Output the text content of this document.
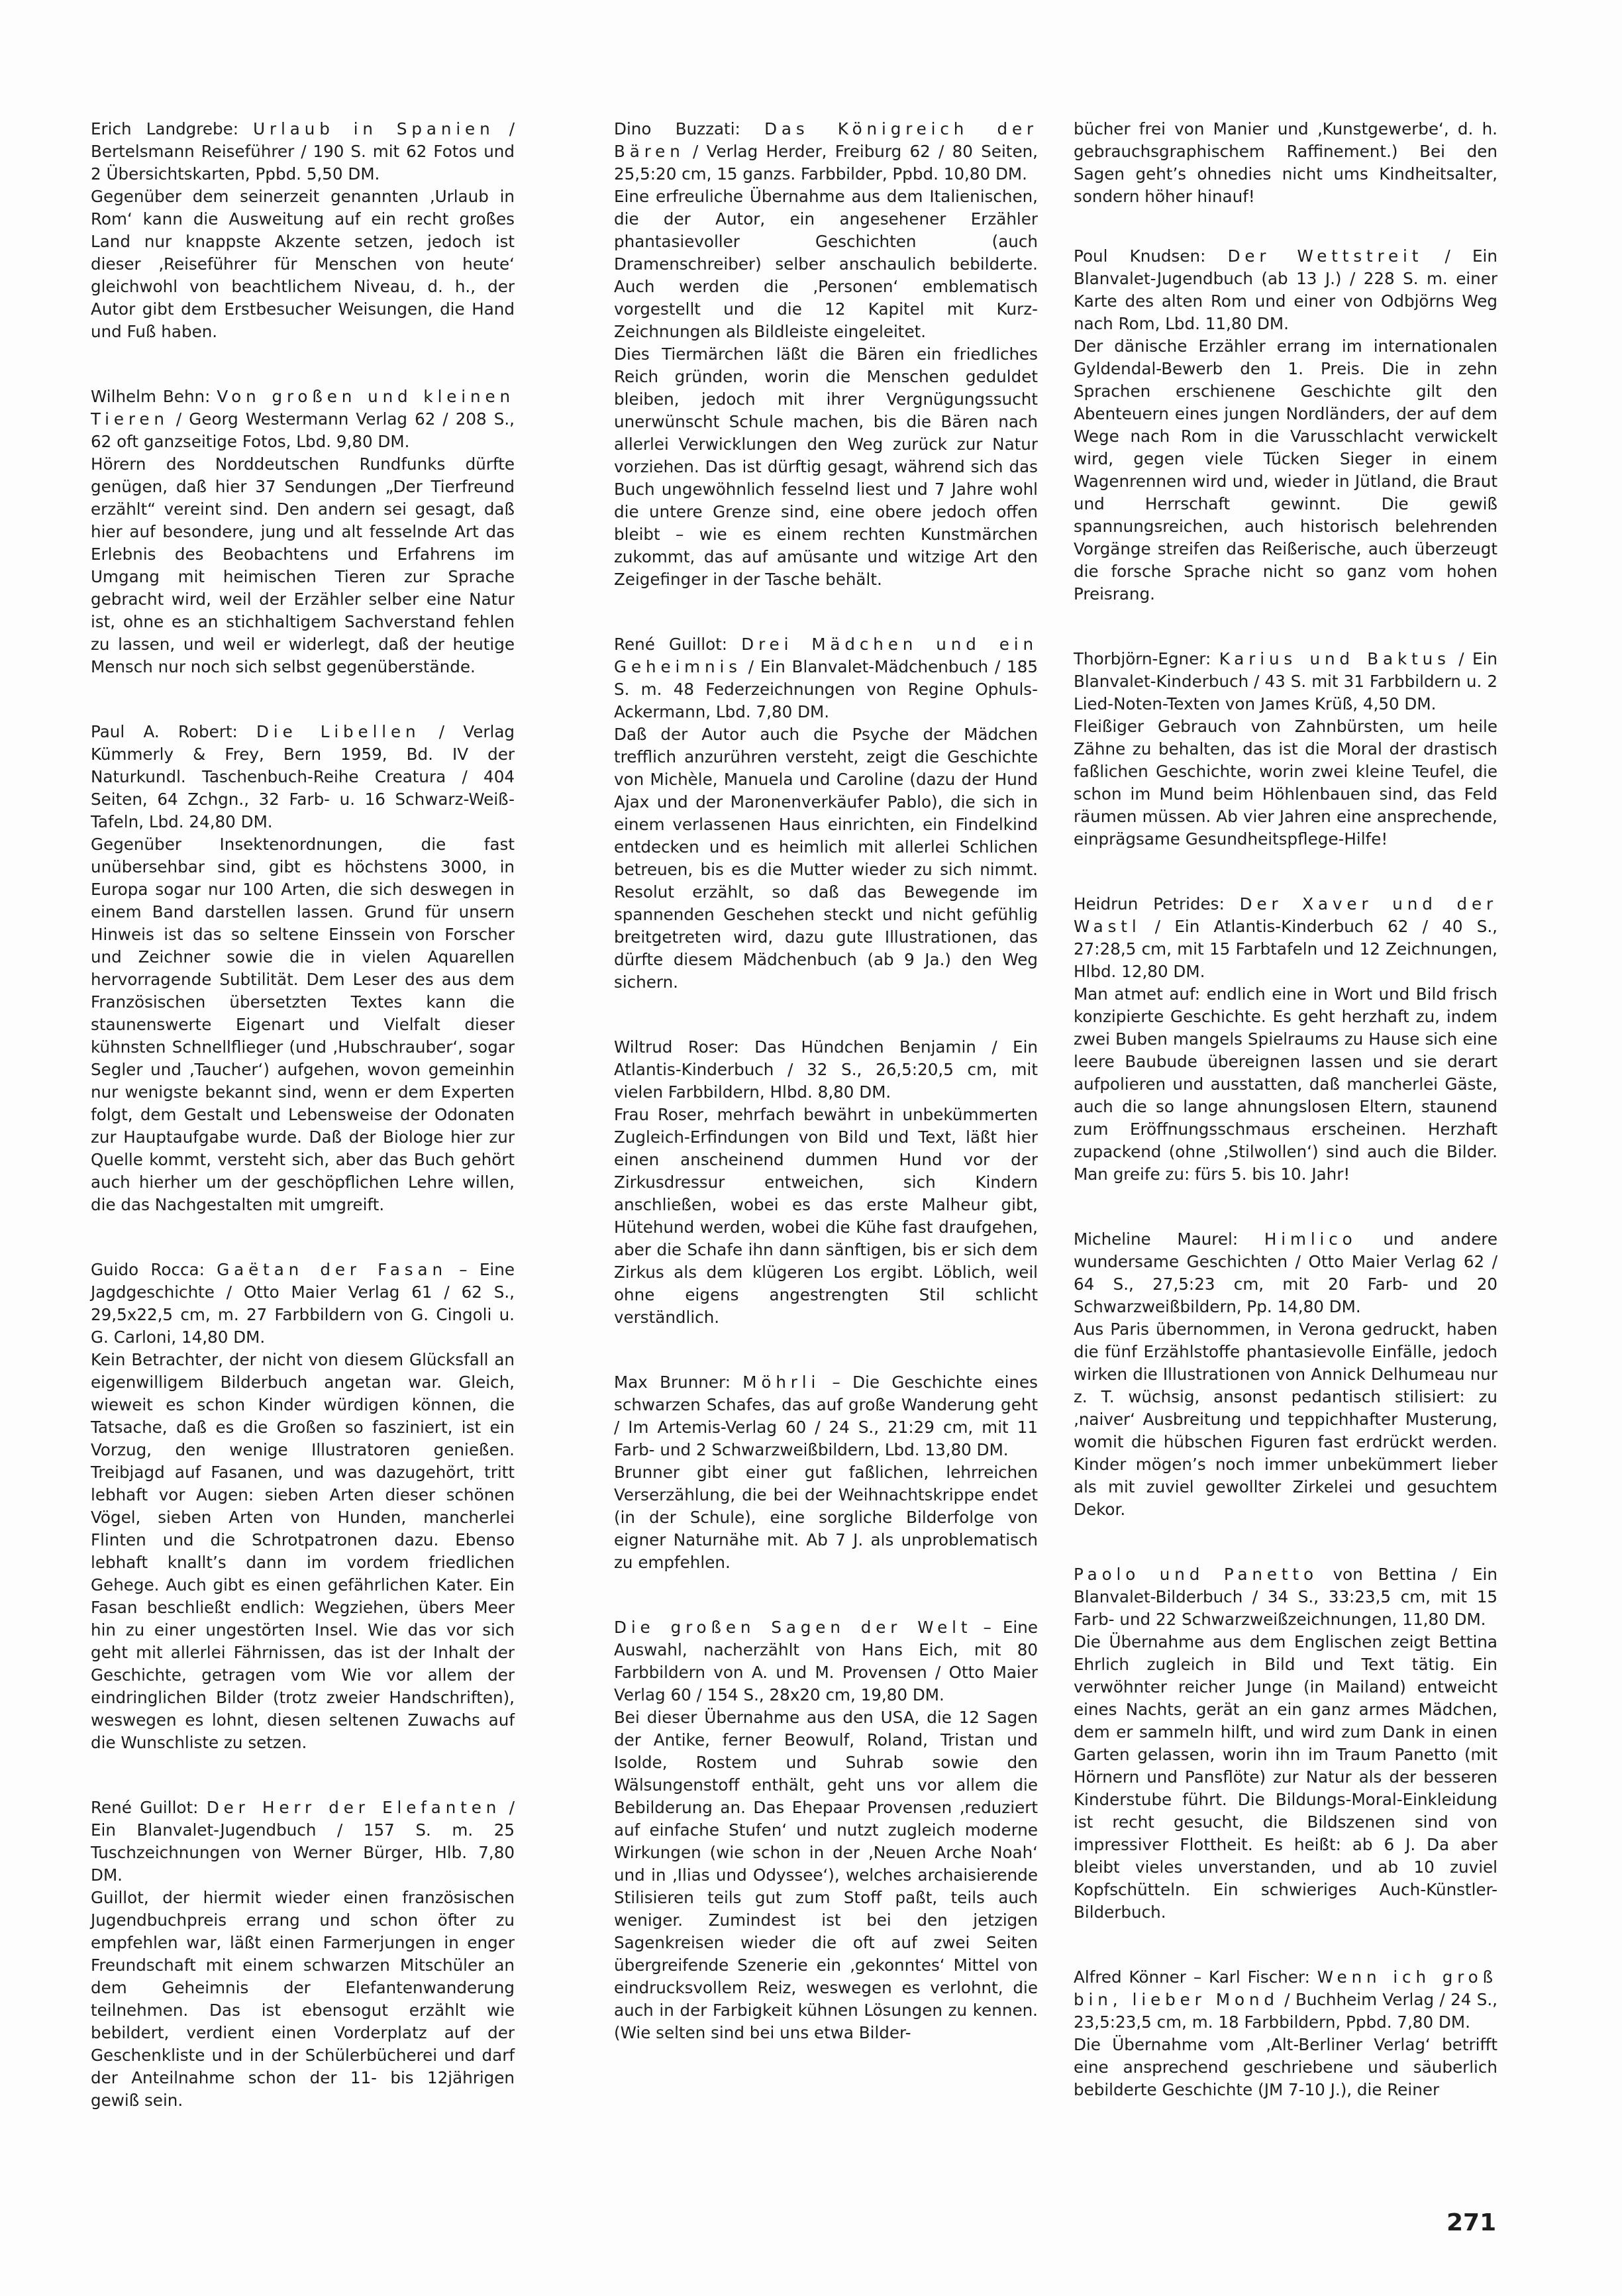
Erich Landgrebe: Urlaub in Spanien / Bertelsmann Reiseführer / 190 S. mit 62 Fotos und 2 Übersichtskarten, Ppbd. 5,50 DM.

Gegenüber dem seinerzeit genannten ‚Urlaub in Rom‘ kann die Ausweitung auf ein recht großes Land nur knappste Akzente setzen, jedoch ist dieser ‚Reiseführer für Menschen von heute‘ gleichwohl von beachtlichem Niveau, d. h., der Autor gibt dem Erstbesucher Weisungen, die Hand und Fuß haben.

Wilhelm Behn: Von großen und kleinen Tieren / Georg Westermann Verlag 62 / 208 S., 62 oft ganzseitige Fotos, Lbd. 9,80 DM.

Hörern des Norddeutschen Rundfunks dürfte genügen, daß hier 37 Sendungen „Der Tierfreund erzählt“ vereint sind. Den andern sei gesagt, daß hier auf besondere, jung und alt fesselnde Art das Erlebnis des Beobachtens und Erfahrens im Umgang mit heimischen Tieren zur Sprache gebracht wird, weil der Erzähler selber eine Natur ist, ohne es an stichhaltigem Sachverstand fehlen zu lassen, und weil er widerlegt, daß der heutige Mensch nur noch sich selbst gegenüberstände.

Paul A. Robert: Die Libellen / Verlag Kümmerly & Frey, Bern 1959, Bd. IV der Naturkundl. Taschenbuch-Reihe Creatura / 404 Seiten, 64 Zchgn., 32 Farb- u. 16 Schwarz-Weiß-Tafeln, Lbd. 24,80 DM.

Gegenüber Insektenordnungen, die fast unübersehbar sind, gibt es höchstens 3000, in Europa sogar nur 100 Arten, die sich deswegen in einem Band darstellen lassen. Grund für unsern Hinweis ist das so seltene Einssein von Forscher und Zeichner sowie die in vielen Aquarellen hervorragende Subtilität. Dem Leser des aus dem Französischen übersetzten Textes kann die staunenswerte Eigenart und Vielfalt dieser kühnsten Schnellflieger (und ‚Hubschrauber‘, sogar Segler und ‚Taucher‘) aufgehen, wovon gemeinhin nur wenigste bekannt sind, wenn er dem Experten folgt, dem Gestalt und Lebensweise der Odonaten zur Hauptaufgabe wurde. Daß der Biologe hier zur Quelle kommt, versteht sich, aber das Buch gehört auch hierher um der geschöpflichen Lehre willen, die das Nachgestalten mit umgreift.

Guido Rocca: Gaëtan der Fasan – Eine Jagdgeschichte / Otto Maier Verlag 61 / 62 S., 29,5x22,5 cm, m. 27 Farbbildern von G. Cingoli u. G. Carloni, 14,80 DM.

Kein Betrachter, der nicht von diesem Glücksfall an eigenwilligem Bilderbuch angetan war. Gleich, wieweit es schon Kinder würdigen können, die Tatsache, daß es die Großen so fasziniert, ist ein Vorzug, den wenige Illustratoren genießen. Treibjagd auf Fasanen, und was dazugehört, tritt lebhaft vor Augen: sieben Arten dieser schönen Vögel, sieben Arten von Hunden, mancherlei Flinten und die Schrotpatronen dazu. Ebenso lebhaft knallt’s dann im vordem friedlichen Gehege. Auch gibt es einen gefährlichen Kater. Ein Fasan beschließt endlich: Wegziehen, übers Meer hin zu einer ungestörten Insel. Wie das vor sich geht mit allerlei Fährnissen, das ist der Inhalt der Geschichte, getragen vom Wie vor allem der eindringlichen Bilder (trotz zweier Handschriften), weswegen es lohnt, diesen seltenen Zuwachs auf die Wunschliste zu setzen.

René Guillot: Der Herr der Elefanten / Ein Blanvalet-Jugendbuch / 157 S. m. 25 Tuschzeichnungen von Werner Bürger, Hlb. 7,80 DM.

Guillot, der hiermit wieder einen französischen Jugendbuchpreis errang und schon öfter zu empfehlen war, läßt einen Farmerjungen in enger Freundschaft mit einem schwarzen Mitschüler an dem Geheimnis der Elefantenwanderung teilnehmen. Das ist ebensogut erzählt wie bebildert, verdient einen Vorderplatz auf der Geschenkliste und in der Schülerbücherei und darf der Anteilnahme schon der 11- bis 12jährigen gewiß sein.

Dino Buzzati: Das Königreich der Bären / Verlag Herder, Freiburg 62 / 80 Seiten, 25,5:20 cm, 15 ganzs. Farbbilder, Ppbd. 10,80 DM.

Eine erfreuliche Übernahme aus dem Italienischen, die der Autor, ein angesehener Erzähler phantasievoller Geschichten (auch Dramenschreiber) selber anschaulich bebilderte. Auch werden die ‚Personen‘ emblematisch vorgestellt und die 12 Kapitel mit Kurz-Zeichnungen als Bildleiste eingeleitet.

Dies Tiermärchen läßt die Bären ein friedliches Reich gründen, worin die Menschen geduldet bleiben, jedoch mit ihrer Vergnügungssucht unerwünscht Schule machen, bis die Bären nach allerlei Verwicklungen den Weg zurück zur Natur vorziehen. Das ist dürftig gesagt, während sich das Buch ungewöhnlich fesselnd liest und 7 Jahre wohl die untere Grenze sind, eine obere jedoch offen bleibt – wie es einem rechten Kunstmärchen zukommt, das auf amüsante und witzige Art den Zeigefinger in der Tasche behält.

René Guillot: Drei Mädchen und ein Geheimnis / Ein Blanvalet-Mädchenbuch / 185 S. m. 48 Federzeichnungen von Regine Ophuls-Ackermann, Lbd. 7,80 DM.

Daß der Autor auch die Psyche der Mädchen trefflich anzurühren versteht, zeigt die Geschichte von Michèle, Manuela und Caroline (dazu der Hund Ajax und der Maronenverkäufer Pablo), die sich in einem verlassenen Haus einrichten, ein Findelkind entdecken und es heimlich mit allerlei Schlichen betreuen, bis es die Mutter wieder zu sich nimmt. Resolut erzählt, so daß das Bewegende im spannenden Geschehen steckt und nicht gefühlig breitgetreten wird, dazu gute Illustrationen, das dürfte diesem Mädchenbuch (ab 9 Ja.) den Weg sichern.

Wiltrud Roser: Das Hündchen Benjamin / Ein Atlantis-Kinderbuch / 32 S., 26,5:20,5 cm, mit vielen Farbbildern, Hlbd. 8,80 DM.

Frau Roser, mehrfach bewährt in unbekümmerten Zugleich-Erfindungen von Bild und Text, läßt hier einen anscheinend dummen Hund vor der Zirkusdressur entweichen, sich Kindern anschließen, wobei es das erste Malheur gibt, Hütehund werden, wobei die Kühe fast draufgehen, aber die Schafe ihn dann sänftigen, bis er sich dem Zirkus als dem klügeren Los ergibt. Löblich, weil ohne eigens angestrengten Stil schlicht verständlich.

Max Brunner: Möhrli – Die Geschichte eines schwarzen Schafes, das auf große Wanderung geht / Im Artemis-Verlag 60 / 24 S., 21:29 cm, mit 11 Farb- und 2 Schwarzweißbildern, Lbd. 13,80 DM.

Brunner gibt einer gut faßlichen, lehrreichen Verserzählung, die bei der Weihnachtskrippe endet (in der Schule), eine sorgliche Bilderfolge von eigner Naturnähe mit. Ab 7 J. als unproblematisch zu empfehlen.

Die großen Sagen der Welt – Eine Auswahl, nacherzählt von Hans Eich, mit 80 Farbbildern von A. und M. Provensen / Otto Maier Verlag 60 / 154 S., 28x20 cm, 19,80 DM.

Bei dieser Übernahme aus den USA, die 12 Sagen der Antike, ferner Beowulf, Roland, Tristan und Isolde, Rostem und Suhrab sowie den Wälsungenstoff enthält, geht uns vor allem die Bebilderung an. Das Ehepaar Provensen ‚reduziert auf einfache Stufen‘ und nutzt zugleich moderne Wirkungen (wie schon in der ‚Neuen Arche Noah‘ und in ‚Ilias und Odyssee‘), welches archaisierende Stilisieren teils gut zum Stoff paßt, teils auch weniger. Zumindest ist bei den jetzigen Sagenkreisen wieder die oft auf zwei Seiten übergreifende Szenerie ein ‚gekonntes‘ Mittel von eindrucksvollem Reiz, weswegen es verlohnt, die auch in der Farbigkeit kühnen Lösungen zu kennen. (Wie selten sind bei uns etwa Bilder-

bücher frei von Manier und ‚Kunstgewerbe‘, d. h. gebrauchsgraphischem Raffinement.) Bei den Sagen geht’s ohnedies nicht ums Kindheitsalter, sondern höher hinauf!

Poul Knudsen: Der Wettstreit / Ein Blanvalet-Jugendbuch (ab 13 J.) / 228 S. m. einer Karte des alten Rom und einer von Odbjörns Weg nach Rom, Lbd. 11,80 DM.

Der dänische Erzähler errang im internationalen Gyldendal-Bewerb den 1. Preis. Die in zehn Sprachen erschienene Geschichte gilt den Abenteuern eines jungen Nordländers, der auf dem Wege nach Rom in die Varusschlacht verwickelt wird, gegen viele Tücken Sieger in einem Wagenrennen wird und, wieder in Jütland, die Braut und Herrschaft gewinnt. Die gewiß spannungsreichen, auch historisch belehrenden Vorgänge streifen das Reißerische, auch überzeugt die forsche Sprache nicht so ganz vom hohen Preisrang.

Thorbjörn-Egner: Karius und Baktus / Ein Blanvalet-Kinderbuch / 43 S. mit 31 Farbbildern u. 2 Lied-Noten-Texten von James Krüß, 4,50 DM.

Fleißiger Gebrauch von Zahnbürsten, um heile Zähne zu behalten, das ist die Moral der drastisch faßlichen Geschichte, worin zwei kleine Teufel, die schon im Mund beim Höhlenbauen sind, das Feld räumen müssen. Ab vier Jahren eine ansprechende, einprägsame Gesundheitspflege-Hilfe!

Heidrun Petrides: Der Xaver und der Wastl / Ein Atlantis-Kinderbuch 62 / 40 S., 27:28,5 cm, mit 15 Farbtafeln und 12 Zeichnungen, Hlbd. 12,80 DM.

Man atmet auf: endlich eine in Wort und Bild frisch konzipierte Geschichte. Es geht herzhaft zu, indem zwei Buben mangels Spielraums zu Hause sich eine leere Baubude übereignen lassen und sie derart aufpolieren und ausstatten, daß mancherlei Gäste, auch die so lange ahnungslosen Eltern, staunend zum Eröffnungsschmaus erscheinen. Herzhaft zupackend (ohne ‚Stilwollen‘) sind auch die Bilder. Man greife zu: fürs 5. bis 10. Jahr!

Micheline Maurel: Himlico und andere wundersame Geschichten / Otto Maier Verlag 62 / 64 S., 27,5:23 cm, mit 20 Farb- und 20 Schwarzweißbildern, Pp. 14,80 DM.

Aus Paris übernommen, in Verona gedruckt, haben die fünf Erzählstoffe phantasievolle Einfälle, jedoch wirken die Illustrationen von Annick Delhumeau nur z. T. wüchsig, ansonst pedantisch stilisiert: zu ‚naiver‘ Ausbreitung und teppichhafter Musterung, womit die hübschen Figuren fast erdrückt werden. Kinder mögen’s noch immer unbekümmert lieber als mit zuviel gewollter Zirkelei und gesuchtem Dekor.

Paolo und Panetto von Bettina / Ein Blanvalet-Bilderbuch / 34 S., 33:23,5 cm, mit 15 Farb- und 22 Schwarzweißzeichnungen, 11,80 DM.

Die Übernahme aus dem Englischen zeigt Bettina Ehrlich zugleich in Bild und Text tätig. Ein verwöhnter reicher Junge (in Mailand) entweicht eines Nachts, gerät an ein ganz armes Mädchen, dem er sammeln hilft, und wird zum Dank in einen Garten gelassen, worin ihn im Traum Panetto (mit Hörnern und Pansflöte) zur Natur als der besseren Kinderstube führt. Die Bildungs-Moral-Einkleidung ist recht gesucht, die Bildszenen sind von impressiver Flottheit. Es heißt: ab 6 J. Da aber bleibt vieles unverstanden, und ab 10 zuviel Kopfschütteln. Ein schwieriges Auch-Künstler-Bilderbuch.

Alfred Könner – Karl Fischer: Wenn ich groß bin, lieber Mond / Buchheim Verlag / 24 S., 23,5:23,5 cm, m. 18 Farbbildern, Ppbd. 7,80 DM.

Die Übernahme vom ‚Alt-Berliner Verlag‘ betrifft eine ansprechend geschriebene und säuberlich bebilderte Geschichte (JM 7-10 J.), die Reiner

271
